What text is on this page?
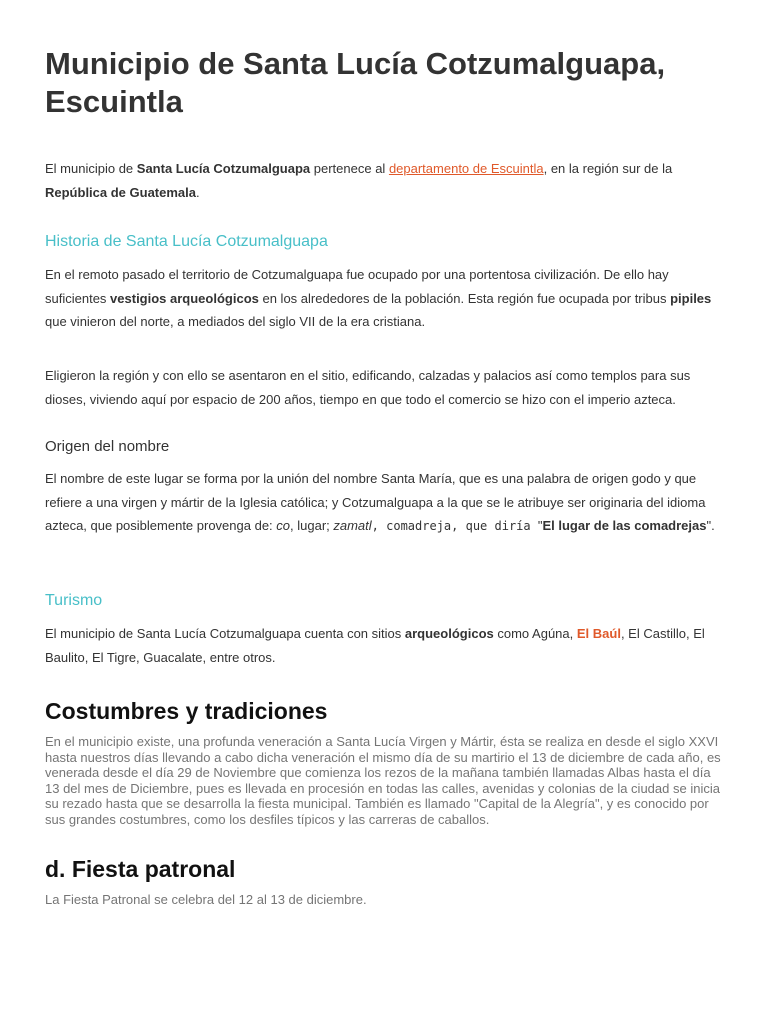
Municipio de Santa Lucía Cotzumalguapa, Escuintla

El municipio de Santa Lucía Cotzumalguapa pertenece al departamento de Escuintla, en la región sur de la República de Guatemala.

Historia de Santa Lucía Cotzumalguapa

En el remoto pasado el territorio de Cotzumalguapa fue ocupado por una portentosa civilización. De ello hay suficientes vestigios arqueológicos en los alrededores de la población. Esta región fue ocupada por tribus pipiles que vinieron del norte, a mediados del siglo VII de la era cristiana.

Eligieron la región y con ello se asentaron en el sitio, edificando, calzadas y palacios así como templos para sus dioses, viviendo aquí por espacio de 200 años, tiempo en que todo el comercio se hizo con el imperio azteca.

Origen del nombre

El nombre de este lugar se forma por la unión del nombre Santa María, que es una palabra de origen godo y que refiere a una virgen y mártir de la Iglesia católica; y Cotzumalguapa a la que se le atribuye ser originaria del idioma azteca, que posiblemente provenga de: co, lugar; zamatl, comadreja, que diría "El lugar de las comadrejas".

Turismo

El municipio de Santa Lucía Cotzumalguapa cuenta con sitios arqueológicos como Agúna, El Baúl, El Castillo, El Baulito, El Tigre, Guacalate, entre otros.

Costumbres y tradiciones

En el municipio existe, una profunda veneración a Santa Lucía Virgen y Mártir, ésta se realiza en desde el siglo XXVI hasta nuestros días llevando a cabo dicha veneración el mismo día de su martirio el 13 de diciembre de cada año, es venerada desde el día 29 de Noviembre que comienza los rezos de la mañana también llamadas Albas hasta el día 13 del mes de Diciembre, pues es llevada en procesión en todas las calles, avenidas y colonias de la ciudad se inicia su rezado hasta que se desarrolla la fiesta municipal. También es llamado "Capital de la Alegría", y es conocido por sus grandes costumbres, como los desfiles típicos y las carreras de caballos.

d. Fiesta patronal

La Fiesta Patronal se celebra del 12 al 13 de diciembre.
